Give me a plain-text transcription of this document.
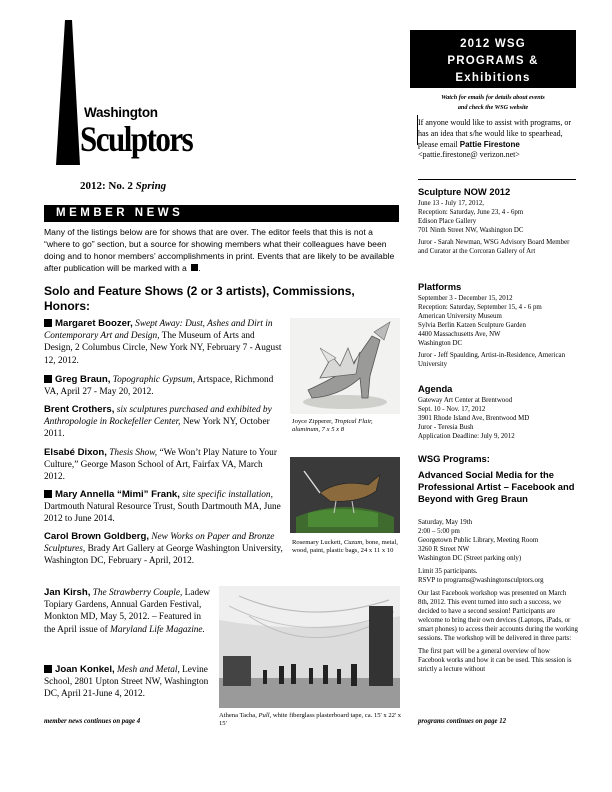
Washington
Sculptors
2012: No. 2 Spring
MEMBER NEWS
Many of the listings below are for shows that are over. The editor feels that this is not a “where to go” section, but a source for showing members what their colleagues have been doing and to honor members’ accomplishments in print. Events that are likely to be available after publication will be marked with a .
Solo and Feature Shows (2 or 3 artists), Commissions, Honors:
Margaret Boozer, Swept Away: Dust, Ashes and Dirt in Contemporary Art and Design, The Museum of Arts and Design, 2 Columbus Circle, New York NY, February 7 - August 12, 2012.
Greg Braun, Topographic Gypsum, Artspace, Richmond VA, April 27 - May 20, 2012.
Brent Crothers, six sculptures purchased and exhibited by Anthropologie in Rockefeller Center, New York NY, October 2011.
Elsabé Dixon, Thesis Show, “We Won’t Play Nature to Your Culture,” George Mason School of Art, Fairfax VA, March 2012.
Mary Annella “Mimi” Frank, site specific installation, Dartmouth Natural Resource Trust, South Dartmouth MA, June 2012 to June 2014.
Carol Brown Goldberg, New Works on Paper and Bronze Sculptures, Brady Art Gallery at George Washington University, Washington DC, February - April, 2012.
Jan Kirsh, The Strawberry Couple, Ladew Topiary Gardens, Annual Garden Festival, Monkton MD, May 5, 2012. – Featured in the April issue of Maryland Life Magazine.
Joan Konkel, Mesh and Metal, Levine School, 2801 Upton Street NW, Washington DC, April 21-June 4, 2012.
Joyce Zipperer, Tropical Flair, aluminum, 7 x 5 x 8
Rosemary Luckett, Cuzum, bone, metal, wood, paint, plastic bags, 24 x 11 x 10
Athena Tacha, Pull, white fiberglass plasterboard tape, ca. 15' x 22' x 15'
member news continues on page 4
2012 WSG
PROGRAMS &
Exhibitions
Watch for emails for details about events
and check the WSG website
If anyone would like to assist with programs, or has an idea that s/he would like to spearhead, please email Pattie Firestone <pattie.firestone@ verizon.net>
Sculpture NOW 2012
June 13 - July 17, 2012,
Reception: Saturday, June 23, 4 - 6pm
Edison Place Gallery
701 Ninth Street NW, Washington DC
Juror - Sarah Newman, WSG Advisory Board Member and Curator at the Corcoran Gallery of Art
Platforms
September 3 - December 15, 2012
Reception: Saturday, September 15, 4 - 6 pm
American University Museum
Sylvia Berlin Katzen Sculpture Garden
4400 Massachusetts Ave, NW
Washington DC
Juror - Jeff Spaulding, Artist-in-Residence, American University
Agenda
Gateway Art Center at Brentwood
Sept. 10 - Nov. 17, 2012
3901 Rhode Island Ave, Brentwood MD
Juror - Teresia Bush
Application Deadline: July 9, 2012
WSG Programs:
Advanced Social Media for the Professional Artist – Facebook and Beyond with Greg Braun
Saturday, May 19th
2:00 – 5:00 pm
Georgetown Public Library, Meeting Room
3260 R Street NW
Washington DC (Street parking only)
Limit 35 participants.
RSVP to programs@washingtonsculptors.org
Our last Facebook workshop was presented on March 8th, 2012. This event turned into such a success, we decided to have a second session! Participants are welcome to bring their own devices (Laptops, iPads, or smart phones) to access their accounts during the working sessions. The workshop will be delivered in three parts:
The first part will be a general overview of how Facebook works and how it can be used. This session is strictly a lecture without
programs continues on page 12
